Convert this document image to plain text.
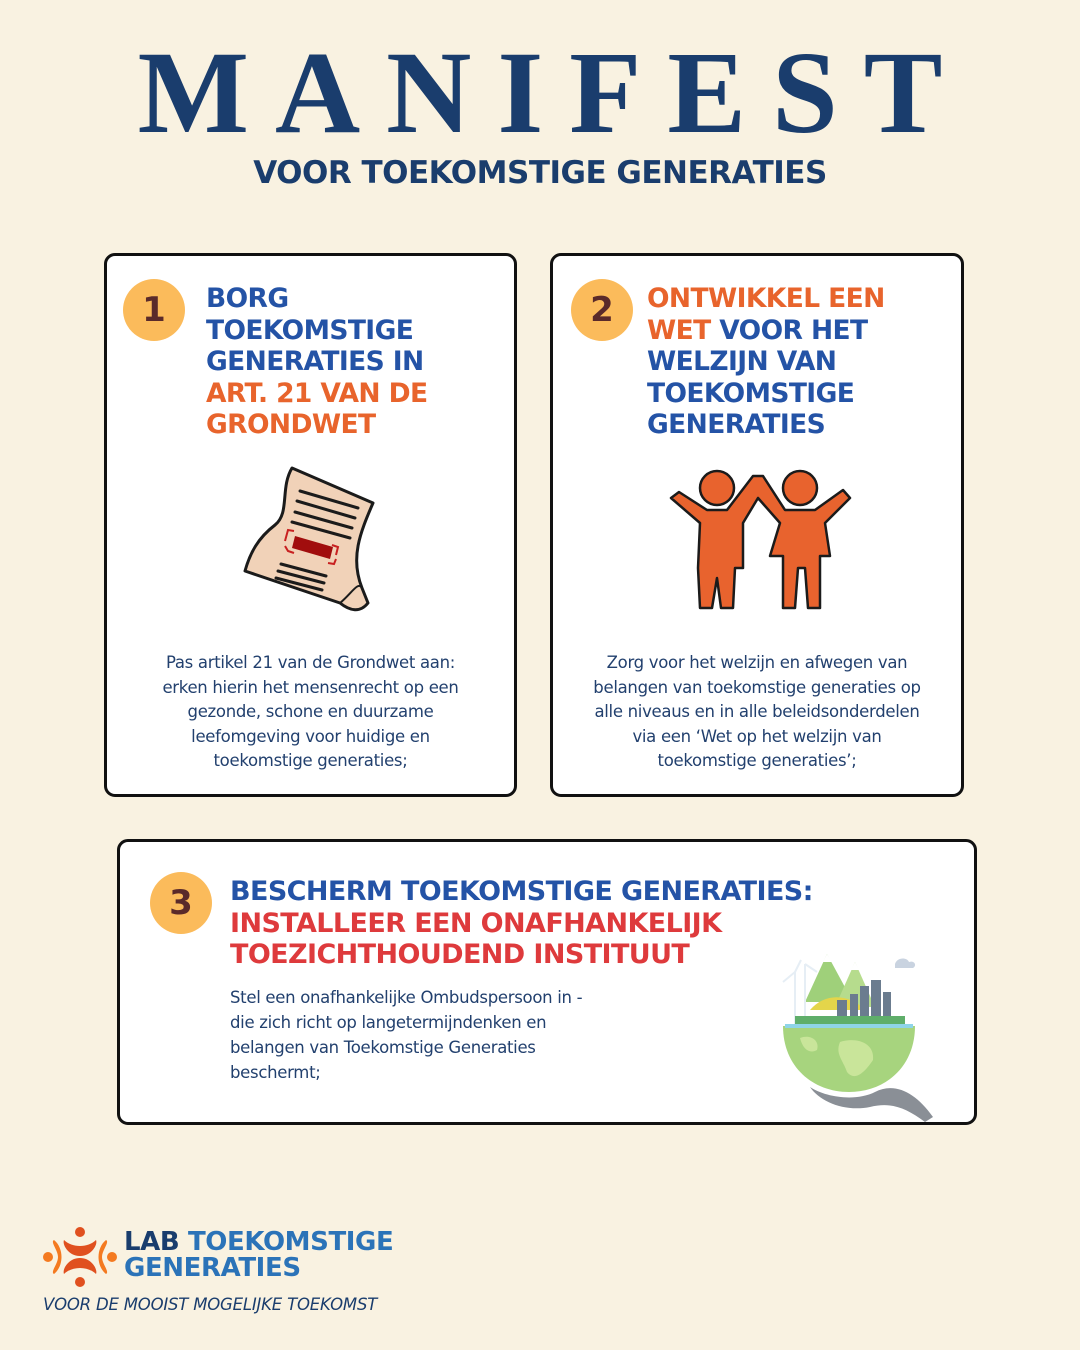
MANIFEST
VOOR TOEKOMSTIGE GENERATIES
1	BORG
TOEKOMSTIGE
GENERATIES IN
ART. 21 VAN DE
GRONDWET
Pas artikel 21 van de Grondwet aan:
erken hierin het mensenrecht op een
gezonde, schone en duurzame
leefomgeving voor huidige en
toekomstige generaties;
2	ONTWIKKEL EEN
WET VOOR HET
WELZIJN VAN
TOEKOMSTIGE
GENERATIES
Zorg voor het welzijn en afwegen van
belangen van toekomstige generaties op
alle niveaus en in alle beleidsonderdelen
via een ‘Wet op het welzijn van
toekomstige generaties’;
3	BESCHERM TOEKOMSTIGE GENERATIES:
INSTALLEER EEN ONAFHANKELIJK
TOEZICHTHOUDEND INSTITUUT
Stel een onafhankelijke Ombudspersoon in -
die zich richt op langetermijndenken en
belangen van Toekomstige Generaties
beschermt;
LAB TOEKOMSTIGE
GENERATIES
VOOR DE MOOIST MOGELIJKE TOEKOMST
